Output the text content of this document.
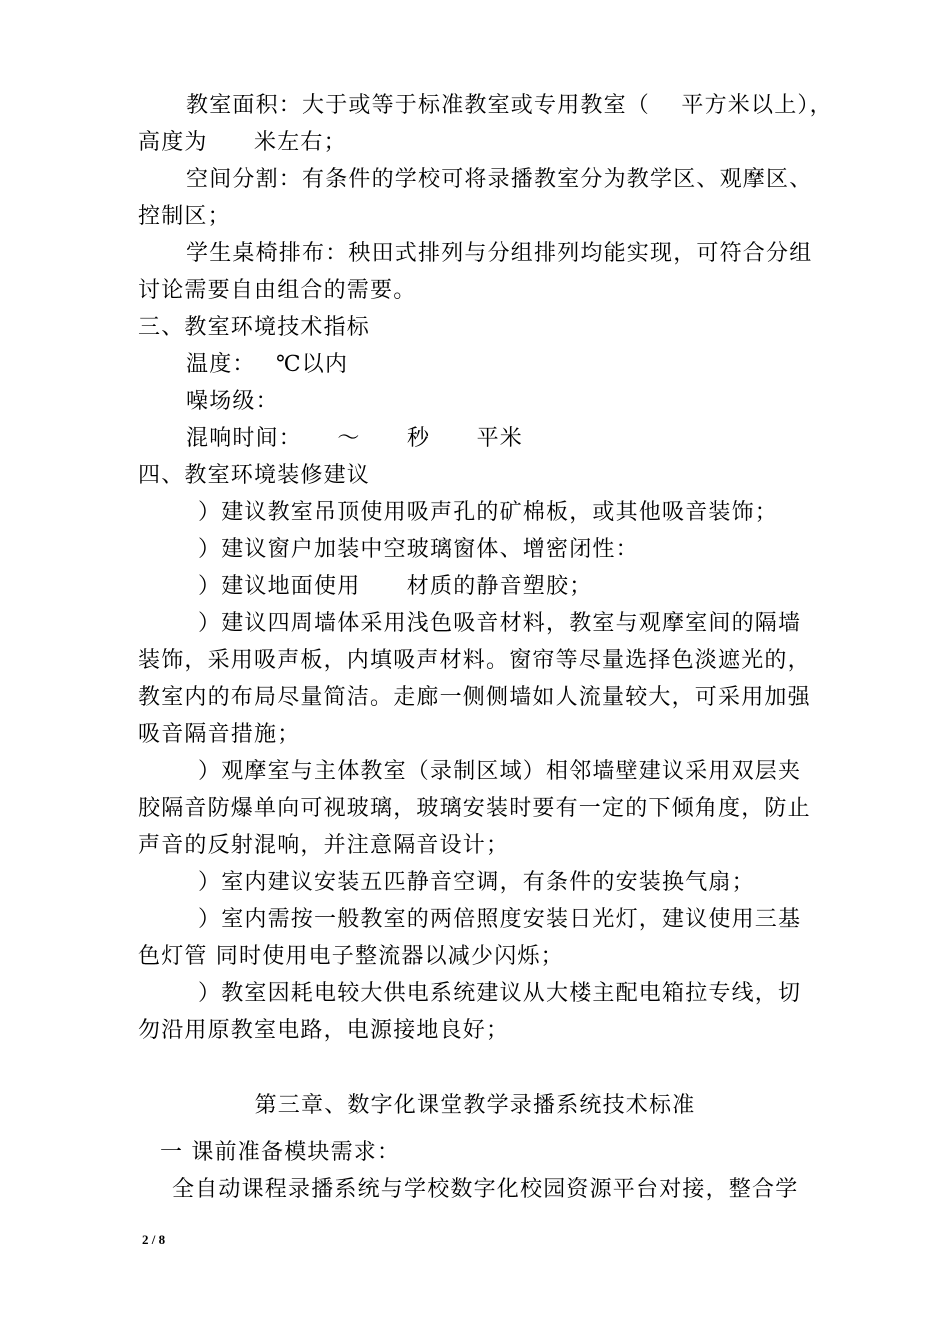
教室面积：大于或等于标准教室或专用教室（　 平方米以上），
高度为　　米左右；
空间分割：有条件的学校可将录播教室分为教学区、观摩区、
控制区；
学生桌椅排布：秧田式排列与分组排列均能实现，可符合分组
讨论需要自由组合的需要。
三、教室环境技术指标
温度：　 ℃以内
噪场级：
混响时间：　　～　　秒　　平米
四、教室环境装修建议
）建议教室吊顶使用吸声孔的矿棉板，或其他吸音装饰；
）建议窗户加装中空玻璃窗体、增密闭性：
）建议地面使用　　材质的静音塑胶；
）建议四周墙体采用浅色吸音材料，教室与观摩室间的隔墙
装饰，采用吸声板，内填吸声材料。窗帘等尽量选择色淡遮光的，
教室内的布局尽量简洁。走廊一侧侧墙如人流量较大，可采用加强
吸音隔音措施；
）观摩室与主体教室（录制区域）相邻墙壁建议采用双层夹
胶隔音防爆单向可视玻璃，玻璃安装时要有一定的下倾角度，防止
声音的反射混响，并注意隔音设计；
）室内建议安装五匹静音空调，有条件的安装换气扇；
）室内需按一般教室的两倍照度安装日光灯，建议使用三基
色灯管 同时使用电子整流器以减少闪烁；
）教室因耗电较大供电系统建议从大楼主配电箱拉专线，切
勿沿用原教室电路，电源接地良好；
第三章、数字化课堂教学录播系统技术标准
一 课前准备模块需求：
全自动课程录播系统与学校数字化校园资源平台对接，整合学
2 / 8
